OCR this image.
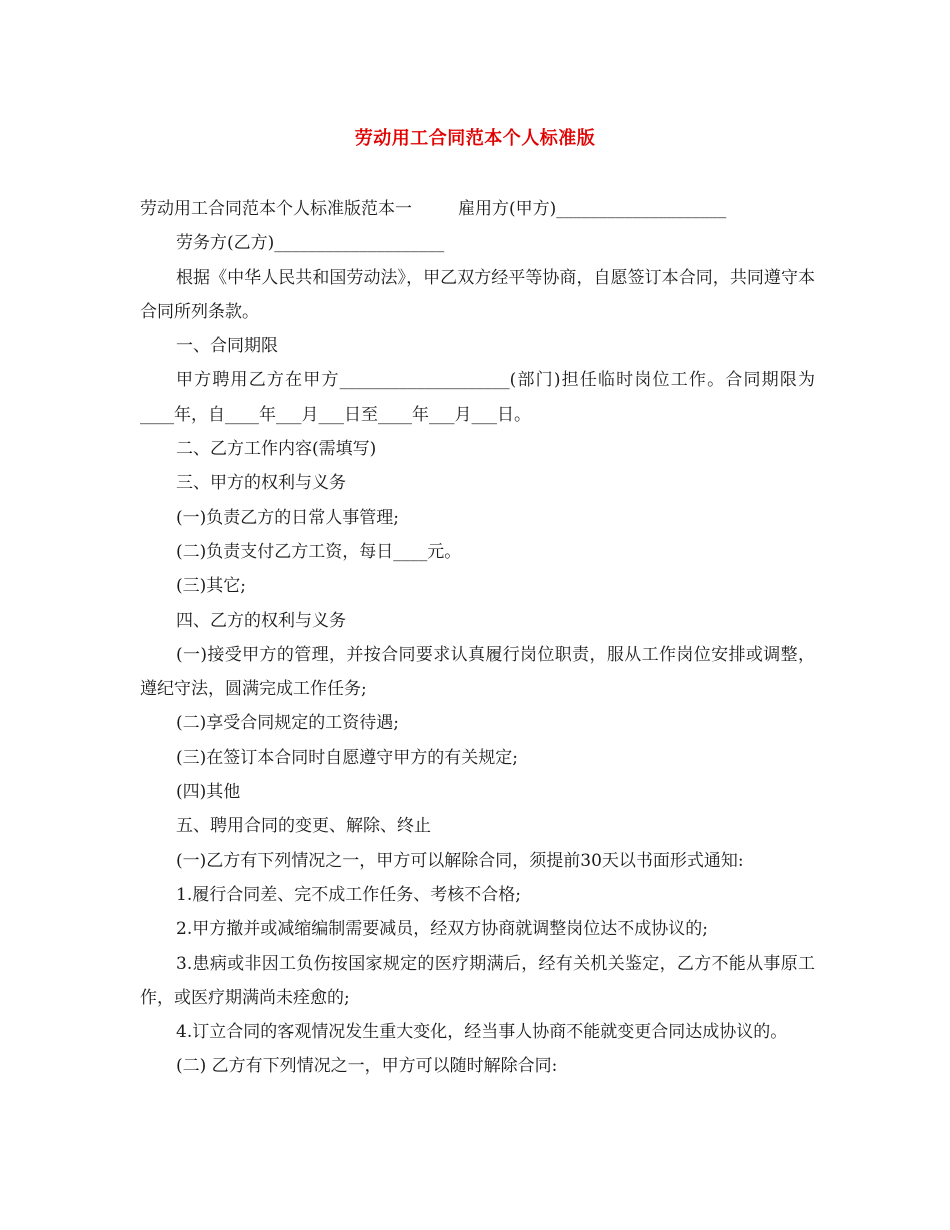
劳动用工合同范本个人标准版

劳动用工合同范本个人标准版范本一	雇用方(甲方)____________________

劳务方(乙方)____________________

根据《中华人民共和国劳动法》，甲乙双方经平等协商，自愿签订本合同，共同遵守本合同所列条款。

一、合同期限

甲方聘用乙方在甲方____________________(部门)担任临时岗位工作。合同期限为____年，自____年___月___日至____年___月___日。

二、乙方工作内容(需填写)

三、甲方的权利与义务

(一)负责乙方的日常人事管理;

(二)负责支付乙方工资，每日____元。

(三)其它;

四、乙方的权利与义务

(一)接受甲方的管理，并按合同要求认真履行岗位职责，服从工作岗位安排或调整，遵纪守法，圆满完成工作任务;

(二)享受合同规定的工资待遇;

(三)在签订本合同时自愿遵守甲方的有关规定;

(四)其他

五、聘用合同的变更、解除、终止

(一)乙方有下列情况之一，甲方可以解除合同，须提前30天以书面形式通知:

1.履行合同差、完不成工作任务、考核不合格;

2.甲方撤并或减缩编制需要减员，经双方协商就调整岗位达不成协议的;

3.患病或非因工负伤按国家规定的医疗期满后，经有关机关鉴定，乙方不能从事原工作，或医疗期满尚未痊愈的;

4.订立合同的客观情况发生重大变化，经当事人协商不能就变更合同达成协议的。

(二) 乙方有下列情况之一，甲方可以随时解除合同:
